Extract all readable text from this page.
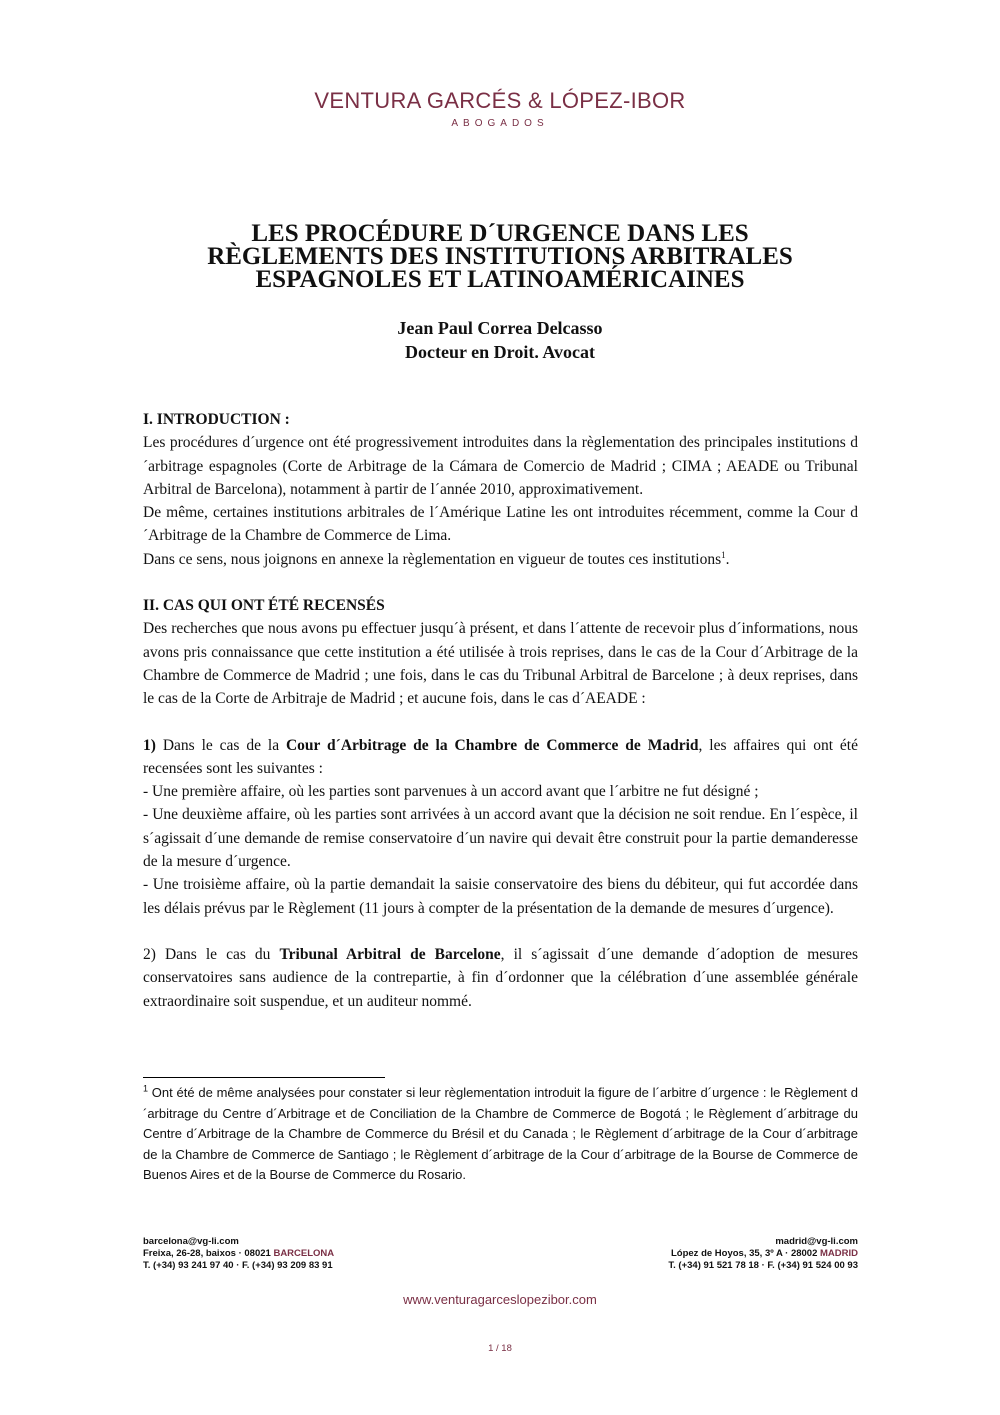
VENTURA GARCÉS & LÓPEZ-IBOR
ABOGADOS
LES PROCÉDURE D´URGENCE DANS LES
RÈGLEMENTS DES INSTITUTIONS ARBITRALES
ESPAGNOLES ET LATINOAMÉRICAINES
Jean Paul Correa Delcasso
Docteur en Droit. Avocat

I. INTRODUCTION :

Les procédures d´urgence ont été progressivement introduites dans la règlementation des principales institutions d´arbitrage espagnoles (Corte de Arbitrage de la Cámara de Comercio de Madrid ; CIMA ; AEADE ou Tribunal Arbitral de Barcelona), notamment à partir de l´année 2010, approximativement.

De même, certaines institutions arbitrales de l´Amérique Latine les ont introduites récemment, comme la Cour d´Arbitrage de la Chambre de Commerce de Lima.

Dans ce sens, nous joignons en annexe la règlementation en vigueur de toutes ces institutions$^1$.

II. CAS QUI ONT ÉTÉ RECENSÉS

Des recherches que nous avons pu effectuer jusqu´à présent, et dans l´attente de recevoir plus d´informations, nous avons pris connaissance que cette institution a été utilisée à trois reprises, dans le cas de la Cour d´Arbitrage de la Chambre de Commerce de Madrid ; une fois, dans le cas du Tribunal Arbitral de Barcelone ; à deux reprises, dans le cas de la Corte de Arbitraje de Madrid ; et aucune fois, dans le cas d´AEADE :

1) Dans le cas de la Cour d´Arbitrage de la Chambre de Commerce de Madrid, les affaires qui ont été recensées sont les suivantes :

- Une première affaire, où les parties sont parvenues à un accord avant que l´arbitre ne fut désigné ;

- Une deuxième affaire, où les parties sont arrivées à un accord avant que la décision ne soit rendue. En l´espèce, il s´agissait d´une demande de remise conservatoire d´un navire qui devait être construit pour la partie demanderesse de la mesure d´urgence.

- Une troisième affaire, où la partie demandait la saisie conservatoire des biens du débiteur, qui fut accordée dans les délais prévus par le Règlement (11 jours à compter de la présentation de la demande de mesures d´urgence).

2) Dans le cas du Tribunal Arbitral de Barcelone, il s´agissait d´une demande d´adoption de mesures conservatoires sans audience de la contrepartie, à fin d´ordonner que la célébration d´une assemblée générale extraordinaire soit suspendue, et un auditeur nommé.

$^1$ Ont été de même analysées pour constater si leur règlementation introduit la figure de l´arbitre d´urgence : le Règlement d´arbitrage du Centre d´Arbitrage et de Conciliation de la Chambre de Commerce de Bogotá ; le Règlement d´arbitrage du Centre d´Arbitrage de la Chambre de Commerce du Brésil et du Canada ; le Règlement d´arbitrage de la Cour d´arbitrage de la Chambre de Commerce de Santiago ; le Règlement d´arbitrage de la Cour d´arbitrage de la Bourse de Commerce de Buenos Aires et de la Bourse de Commerce du Rosario.
barcelona@vg-li.com
Freixa, 26-28, baixos · 08021 BARCELONA
T. (+34) 93 241 97 40 · F. (+34) 93 209 83 91
madrid@vg-li.com
López de Hoyos, 35, 3º A · 28002 MADRID
T. (+34) 91 521 78 18 · F. (+34) 91 524 00 93
www.venturagarceslopezibor.com
1 / 18
